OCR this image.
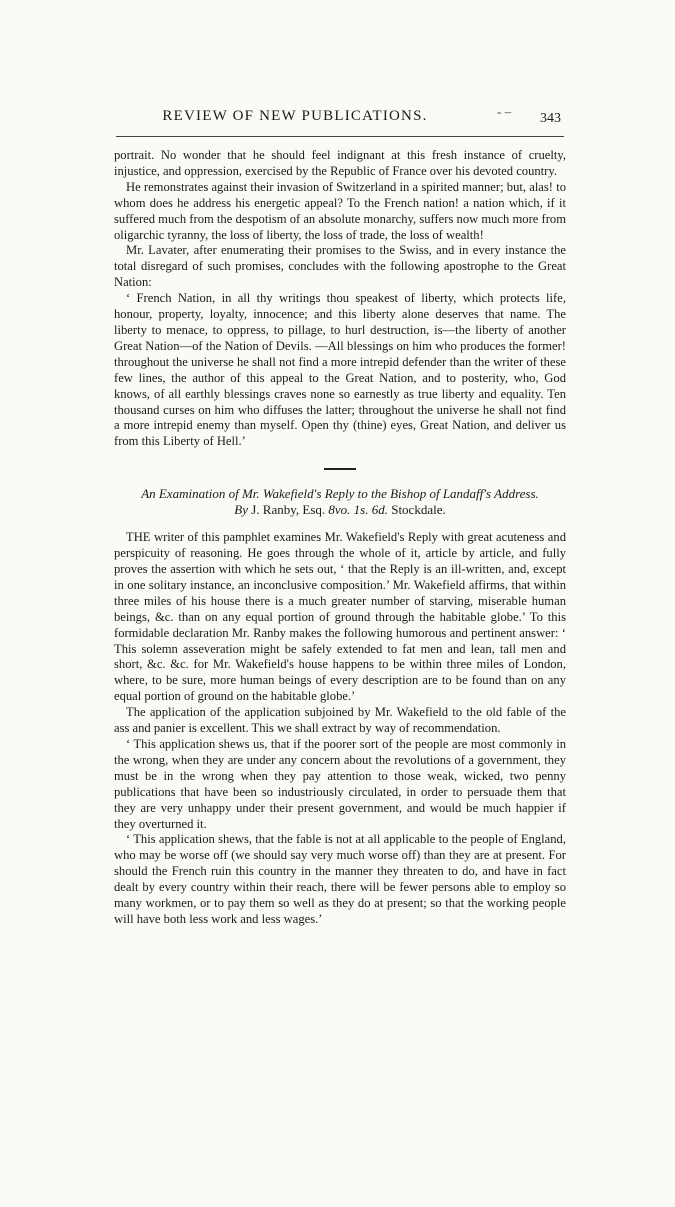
REVIEW OF NEW PUBLICATIONS.	- ‒ 343

portrait. No wonder that he should feel indignant at this fresh instance of cruelty, injustice, and oppression, exercised by the Republic of France over his devoted country.

He remonstrates against their invasion of Switzerland in a spirited manner; but, alas! to whom does he address his energetic appeal? To the French nation! a nation which, if it suffered much from the despotism of an absolute monarchy, suffers now much more from oligarchic tyranny, the loss of liberty, the loss of trade, the loss of wealth!

Mr. Lavater, after enumerating their promises to the Swiss, and in every instance the total disregard of such promises, concludes with the following apostrophe to the Great Nation:

‘ French Nation, in all thy writings thou speakest of liberty, which protects life, honour, property, loyalty, innocence; and this liberty alone deserves that name. The liberty to menace, to oppress, to pillage, to hurl destruction, is—the liberty of another Great Nation—of the Nation of Devils. —All blessings on him who produces the former! throughout the universe he shall not find a more intrepid defender than the writer of these few lines, the author of this appeal to the Great Nation, and to posterity, who, God knows, of all earthly blessings craves none so earnestly as true liberty and equality. Ten thousand curses on him who diffuses the latter; throughout the universe he shall not find a more intrepid enemy than myself. Open thy (thine) eyes, Great Nation, and deliver us from this Liberty of Hell.’

An Examination of Mr. Wakefield's Reply to the Bishop of Landaff's Address.
By J. Ranby, Esq. 8vo. 1s. 6d. Stockdale.

THE writer of this pamphlet examines Mr. Wakefield's Reply with great acuteness and perspicuity of reasoning. He goes through the whole of it, article by article, and fully proves the assertion with which he sets out, ‘ that the Reply is an ill-written, and, except in one solitary instance, an inconclusive composition.’ Mr. Wakefield affirms, that within three miles of his house there is a much greater number of starving, miserable human beings, &c. than on any equal portion of ground through the habitable globe.’ To this formidable declaration Mr. Ranby makes the following humorous and pertinent answer: ‘ This solemn asseveration might be safely extended to fat men and lean, tall men and short, &c. &c. for Mr. Wakefield's house happens to be within three miles of London, where, to be sure, more human beings of every description are to be found than on any equal portion of ground on the habitable globe.’

The application of the application subjoined by Mr. Wakefield to the old fable of the ass and panier is excellent. This we shall extract by way of recommendation.

‘ This application shews us, that if the poorer sort of the people are most commonly in the wrong, when they are under any concern about the revolutions of a government, they must be in the wrong when they pay attention to those weak, wicked, two penny publications that have been so industriously circulated, in order to persuade them that they are very unhappy under their present government, and would be much happier if they overturned it.

‘ This application shews, that the fable is not at all applicable to the people of England, who may be worse off (we should say very much worse off) than they are at present. For should the French ruin this country in the manner they threaten to do, and have in fact dealt by every country within their reach, there will be fewer persons able to employ so many workmen, or to pay them so well as they do at present; so that the working people will have both less work and less wages.’
